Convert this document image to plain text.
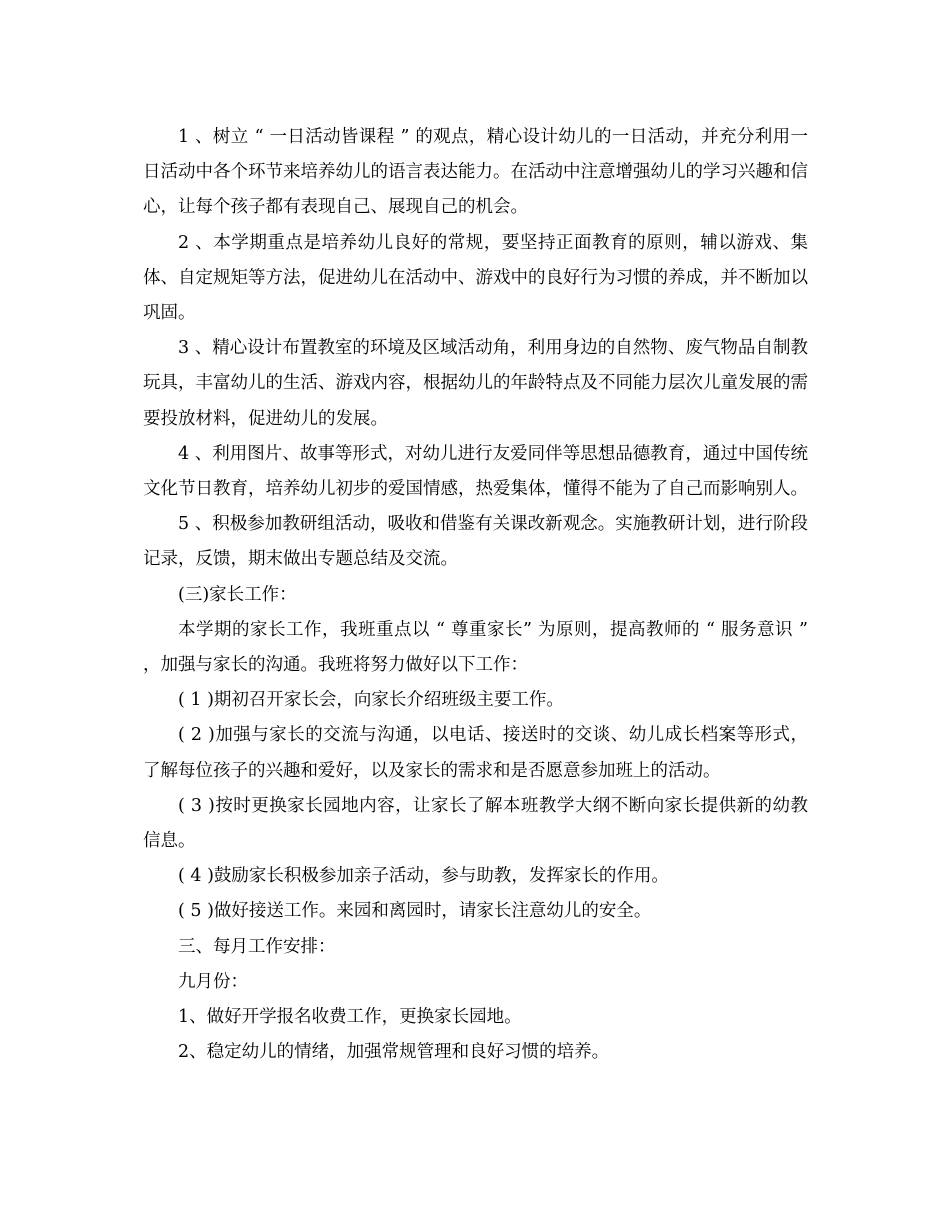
1 、树立 “ 一日活动皆课程 ” 的观点，精心设计幼儿的一日活动，并充分利用一日活动中各个环节来培养幼儿的语言表达能力。在活动中注意增强幼儿的学习兴趣和信心，让每个孩子都有表现自己、展现自己的机会。

2 、本学期重点是培养幼儿良好的常规，要坚持正面教育的原则，辅以游戏、集体、自定规矩等方法，促进幼儿在活动中、游戏中的良好行为习惯的养成，并不断加以巩固。

3 、精心设计布置教室的环境及区域活动角，利用身边的自然物、废气物品自制教玩具，丰富幼儿的生活、游戏内容，根据幼儿的年龄特点及不同能力层次儿童发展的需要投放材料，促进幼儿的发展。

4 、利用图片、故事等形式，对幼儿进行友爱同伴等思想品德教育，通过中国传统文化节日教育，培养幼儿初步的爱国情感，热爱集体，懂得不能为了自己而影响别人。

5 、积极参加教研组活动，吸收和借鉴有关课改新观念。实施教研计划，进行阶段记录，反馈，期末做出专题总结及交流。

(三)家长工作：

本学期的家长工作，我班重点以 “ 尊重家长” 为原则，提高教师的 “ 服务意识 ” ，加强与家长的沟通。我班将努力做好以下工作：

( 1 )期初召开家长会，向家长介绍班级主要工作。

( 2 )加强与家长的交流与沟通，以电话、接送时的交谈、幼儿成长档案等形式，了解每位孩子的兴趣和爱好，以及家长的需求和是否愿意参加班上的活动。

( 3 )按时更换家长园地内容，让家长了解本班教学大纲不断向家长提供新的幼教信息。

( 4 )鼓励家长积极参加亲子活动，参与助教，发挥家长的作用。

( 5 )做好接送工作。来园和离园时，请家长注意幼儿的安全。

三、每月工作安排：

九月份：

1、做好开学报名收费工作，更换家长园地。

2、稳定幼儿的情绪，加强常规管理和良好习惯的培养。
